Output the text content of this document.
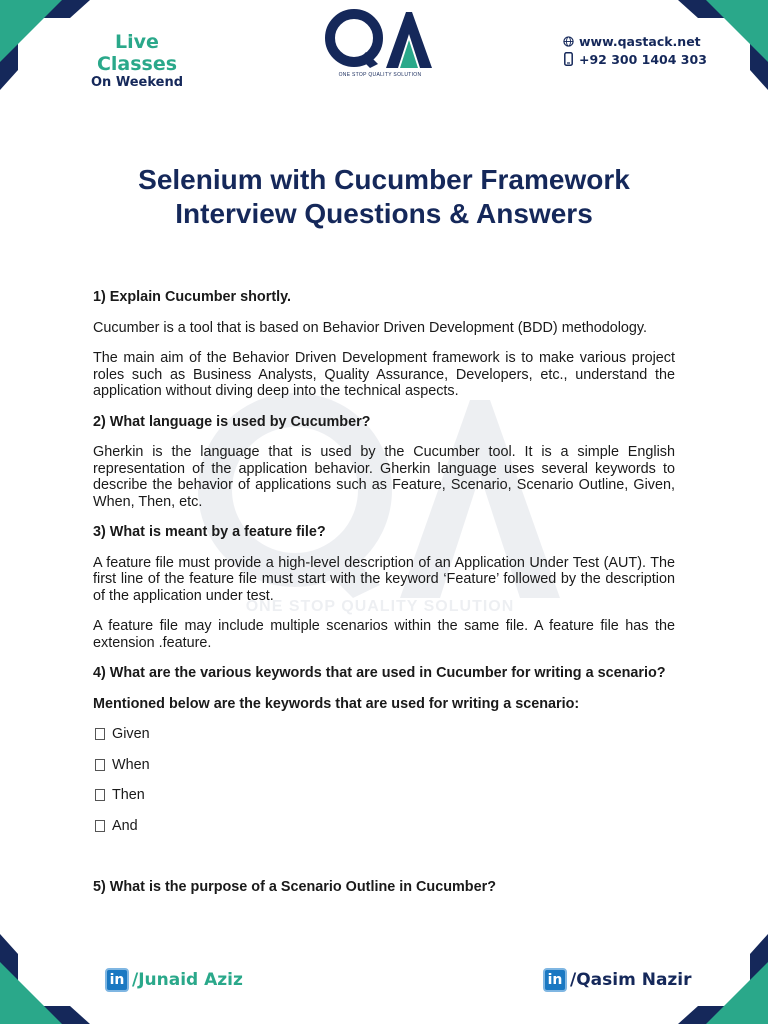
Live Classes
On Weekend	ONE STOP QUALITY SOLUTION
www.qastack.net
+92 300 1404 303
Selenium with Cucumber Framework
Interview Questions & Answers
ONE STOP QUALITY SOLUTION

1) Explain Cucumber shortly.

Cucumber is a tool that is based on Behavior Driven Development (BDD) methodology.

The main aim of the Behavior Driven Development framework is to make various project roles such as Business Analysts, Quality Assurance, Developers, etc., understand the application without diving deep into the technical aspects.

2) What language is used by Cucumber?

Gherkin is the language that is used by the Cucumber tool. It is a simple English representation of the application behavior. Gherkin language uses several keywords to describe the behavior of applications such as Feature, Scenario, Scenario Outline, Given, When, Then, etc.

3) What is meant by a feature file?

A feature file must provide a high-level description of an Application Under Test (AUT). The first line of the feature file must start with the keyword ‘Feature’ followed by the description of the application under test.

A feature file may include multiple scenarios within the same file. A feature file has the extension .feature.

4) What are the various keywords that are used in Cucumber for writing a scenario?

Mentioned below are the keywords that are used for writing a scenario:

Given

When

Then

And

5) What is the purpose of a Scenario Outline in Cucumber?

in /Junaid Aziz	in /Qasim Nazir
